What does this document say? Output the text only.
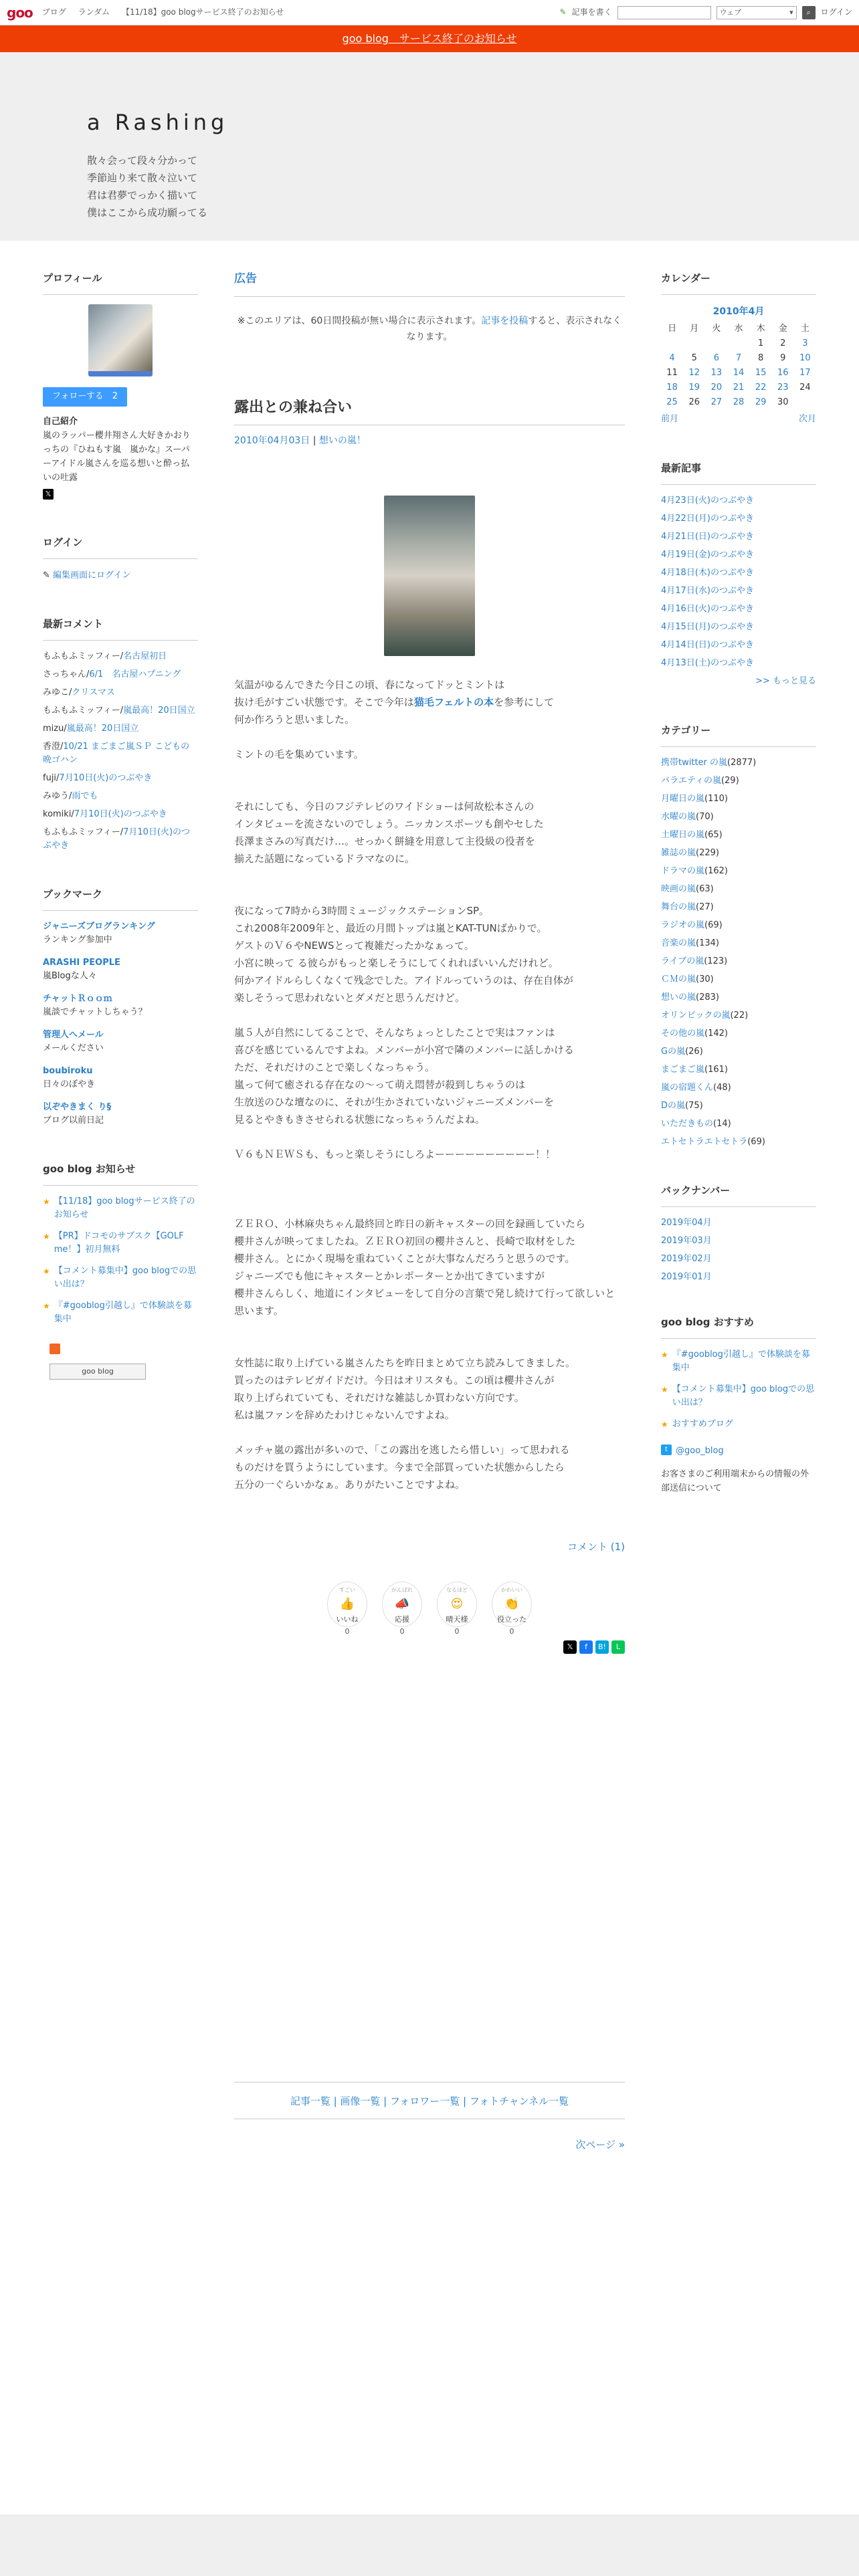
goo ブログ ランダム 【11/18】goo blogサービス終了のお知らせ	✎ 記事を書く	ウェブ	▾	⌕	ログイン
goo blog　サービス終了のお知らせ
a Rashing
散々会って段々分かって
季節辿り来て散々泣いて
君は君夢でっかく描いて
僕はここから成功願ってる
プロフィール
フォローする　2
自己紹介
嵐のラッパー櫻井翔さん大好きかおりっちの『ひねもす嵐　嵐かな』スーパーアイドル嵐さんを巡る想いと酔っ払いの吐露
𝕏
ログイン
✎ 編集画面にログイン
最新コメント
もふもふミッフィー/名古屋初日
さっちゃん/6/1　名古屋ハプニング
みゆこ/クリスマス
もふもふミッフィー/嵐最高！20日国立
mizu/嵐最高！20日国立
香澄/10/21 まごまご嵐ＳＰ こどもの晩ゴハン
fuji/7月10日(火)のつぶやき
みゆう/雨でも
komiki/7月10日(火)のつぶやき
もふもふミッフィー/7月10日(火)のつぶやき
ブックマーク
ジャニーズブログランキング
ランキング参加中
ARASHI PEOPLE
嵐Blogな人々
チャットＲｏｏｍ
嵐談でチャットしちゃう？
管理人へメール
メールください
boubiroku
日々のぼやき
以ぞやきまく り§
ブログ以前日記
goo blog お知らせ
★ 【11/18】goo blogサービス終了のお知らせ
★ 【PR】ドコモのサブスク【GOLF me！】初月無料
★ 【コメント募集中】goo blogでの思い出は？
★ 『#gooblog引越し』で体験談を募集中
goo blog
広告
※このエリアは、60日間投稿が無い場合に表示されます。記事を投稿すると、表示されなくなります。
露出との兼ね合い
2010年04月03日 | 想いの嵐！
気温がゆるんできた今日この頃、春になってドッとミントは
抜け毛がすごい状態です。そこで今年は猫毛フェルトの本を参考にして
何か作ろうと思いました。
ミントの毛を集めています。
それにしても、今日のフジテレビのワイドショーは何故松本さんの
インタビューを流さないのでしょう。ニッカンスポーツも創やセした
長澤まさみの写真だけ…。せっかく餅縫を用意して主役級の役者を
揃えた話題になっているドラマなのに。
夜になって7時から3時間ミュージックステーションSP。
これ2008年2009年と、最近の月間トップは嵐とKAT-TUNばかりで。
ゲストのＶ６やNEWSとって複雑だったかなぁって。
小宮に映って る彼らがもっと楽しそうにしてくれればいいんだけれど。
何かアイドルらしくなくて残念でした。アイドルっていうのは、存在自体が
楽しそうって思われないとダメだと思うんだけど。
嵐５人が自然にしてることで、そんなちょっとしたことで実はファンは
喜びを感じているんですよね。メンバーが小宮で隣のメンバーに話しかける
ただ、それだけのことで楽しくなっちゃう。
嵐って何て癒される存在なの〜って萌え悶替が殺到しちゃうのは
生放送のひな壇なのに、それが生かされていないジャニーズメンバーを
見るとやきもきさせられる状態になっちゃうんだよね。
Ｖ６もＮＥＷＳも、もっと楽しそうにしろよーーーーーーーーーー！！
ＺＥＲＯ、小林麻央ちゃん最終回と昨日の新キャスターの回を録画していたら
櫻井さんが映ってましたね。ＺＥＲＯ初回の櫻井さんと、長崎で取材をした
櫻井さん。とにかく現場を重ねていくことが大事なんだろうと思うのです。
ジャニーズでも他にキャスターとかレポーターとか出てきていますが
櫻井さんらしく、地道にインタビューをして自分の言葉で発し続けて行って欲しいと
思います。
女性誌に取り上げている嵐さんたちを昨日まとめて立ち読みしてきました。
買ったのはテレビガイドだけ。今日はオリスタも。この頃は櫻井さんが
取り上げられていても、それだけな雑誌しか買わない方向です。
私は嵐ファンを辞めたわけじゃないんですよね。
メッチャ嵐の露出が多いので、「この露出を逃したら惜しい」って思われる
ものだけを買うようにしています。今まで全部買っていた状態からしたら
五分の一ぐらいかなぁ。ありがたいことですよね。
コメント (1)
すごい
👍
いいね
0
がんばれ
📣
応援
0
なるほど
😍
晴天様
0
かわいい
👏
役立った
0
𝕏	f	B!	L
記事一覧 | 画像一覧 | フォロワー一覧 | フォトチャンネル一覧
次ページ »
カレンダー
2010年4月
日	月	火	水	木	金	土
				1	2	3
4	5	6	7	8	9	10
11	12	13	14	15	16	17
18	19	20	21	22	23	24
25	26	27	28	29	30	
前月	次月
最新記事
4月23日(火)のつぶやき
4月22日(月)のつぶやき
4月21日(日)のつぶやき
4月19日(金)のつぶやき
4月18日(木)のつぶやき
4月17日(水)のつぶやき
4月16日(火)のつぶやき
4月15日(月)のつぶやき
4月14日(日)のつぶやき
4月13日(土)のつぶやき
>> もっと見る
カテゴリー
携帯twitter の嵐(2877)
バラエティの嵐(29)
月曜日の嵐(110)
水曜の嵐(70)
土曜日の嵐(65)
雑誌の嵐(229)
ドラマの嵐(162)
映画の嵐(63)
舞台の嵐(27)
ラジオの嵐(69)
音楽の嵐(134)
ライブの嵐(123)
ＣＭの嵐(30)
想いの嵐(283)
オリンピックの嵐(22)
その他の嵐(142)
Gの嵐(26)
まごまご嵐(161)
嵐の宿題くん(48)
Dの嵐(75)
いただきもの(14)
エトセトラエトセトラ(69)
バックナンバー
2019年04月
2019年03月
2019年02月
2019年01月
goo blog おすすめ
★ 『#gooblog引越し』で体験談を募集中
★ 【コメント募集中】goo blogでの思い出は？
★ おすすめブログ
t @goo_blog
お客さまのご利用端末からの情報の外部送信について
